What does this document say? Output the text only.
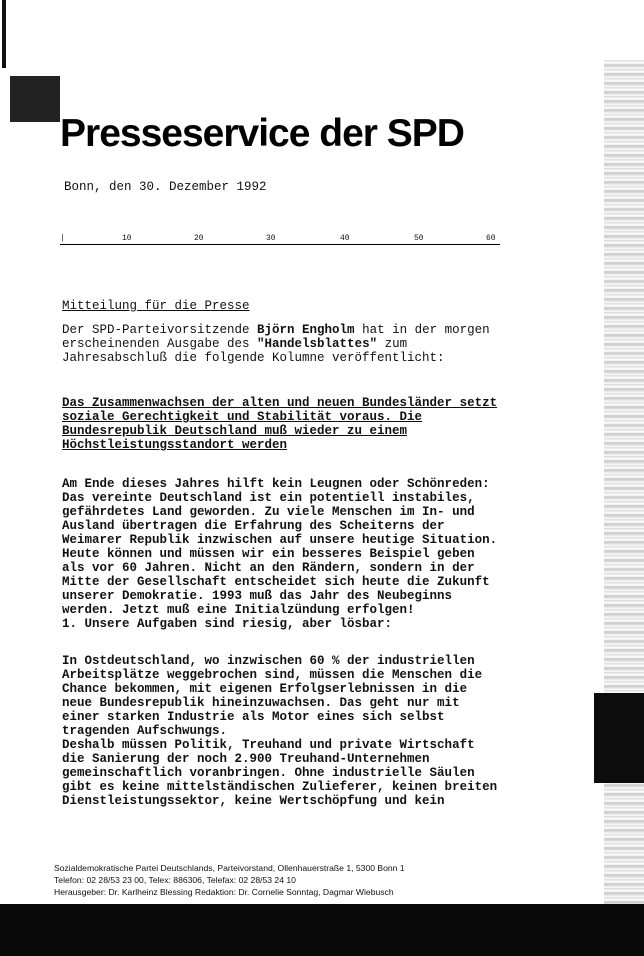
Presseservice der SPD
Bonn, den 30. Dezember 1992
|	10	20	30	40	50	60

Mitteilung für die Presse

Der SPD-Parteivorsitzende Björn Engholm hat in der morgen
erscheinenden Ausgabe des "Handelsblattes" zum
Jahresabschluß die folgende Kolumne veröffentlicht:

Das Zusammenwachsen der alten und neuen Bundesländer setzt
soziale Gerechtigkeit und Stabilität voraus. Die
Bundesrepublik Deutschland muß wieder zu einem
Höchstleistungsstandort werden

Am Ende dieses Jahres hilft kein Leugnen oder Schönreden:
Das vereinte Deutschland ist ein potentiell instabiles,
gefährdetes Land geworden. Zu viele Menschen im In- und
Ausland übertragen die Erfahrung des Scheiterns der
Weimarer Republik inzwischen auf unsere heutige Situation.
Heute können und müssen wir ein besseres Beispiel geben
als vor 60 Jahren. Nicht an den Rändern, sondern in der
Mitte der Gesellschaft entscheidet sich heute die Zukunft
unserer Demokratie. 1993 muß das Jahr des Neubeginns
werden. Jetzt muß eine Initialzündung erfolgen!

1. Unsere Aufgaben sind riesig, aber lösbar:

In Ostdeutschland, wo inzwischen 60 % der industriellen
Arbeitsplätze weggebrochen sind, müssen die Menschen die
Chance bekommen, mit eigenen Erfolgserlebnissen in die
neue Bundesrepublik hineinzuwachsen. Das geht nur mit
einer starken Industrie als Motor eines sich selbst
tragenden Aufschwungs.

Deshalb müssen Politik, Treuhand und private Wirtschaft
die Sanierung der noch 2.900 Treuhand-Unternehmen
gemeinschaftlich voranbringen. Ohne industrielle Säulen
gibt es keine mittelständischen Zulieferer, keinen breiten
Dienstleistungssektor, keine Wertschöpfung und kein

Sozialdemokratische Partei Deutschlands, Parteivorstand, Ollenhauerstraße 1, 5300 Bonn 1
Telefon: 02 28/53 23 00, Telex: 886306, Telefax: 02 28/53 24 10
Herausgeber: Dr. Karlheinz Blessing Redaktion: Dr. Cornelie Sonntag, Dagmar Wiebusch
